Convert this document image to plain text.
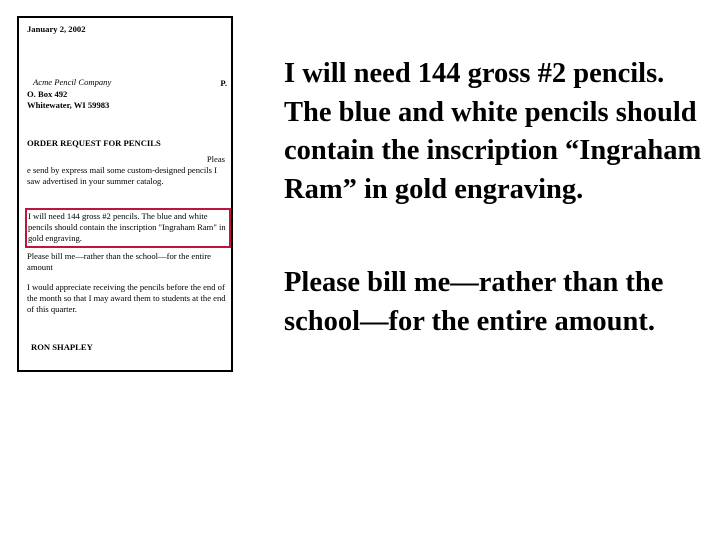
January 2, 2002
Acme Pencil Company	P.
O. Box 492
Whitewater, WI 59983
ORDER REQUEST FOR PENCILS
Pleas
e send by express mail some custom-designed pencils I saw advertised in your summer catalog.
I will need 144 gross #2 pencils. The blue and white pencils should contain the inscription "Ingraham Ram" in gold engraving.
Please bill me—rather than the school—for the entire amount
I would appreciate receiving the pencils before the end of the month so that I may award them to students at the end of this quarter.
RON SHAPLEY
I will need 144 gross #2 pencils. The blue and white pencils should contain the inscription “Ingraham Ram” in gold engraving.
Please bill me—rather than the school—for the entire amount.
